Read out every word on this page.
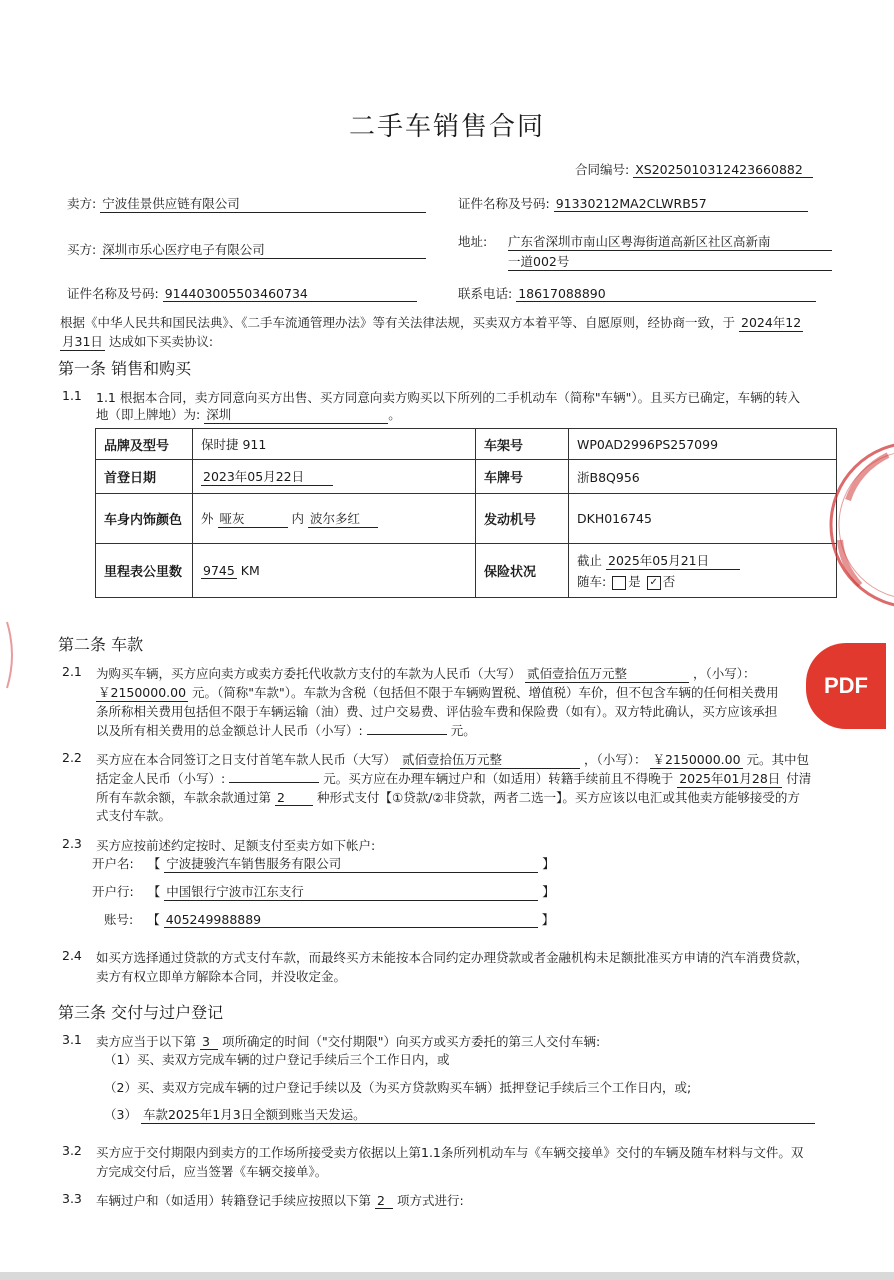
二手车销售合同
合同编号: XS2025010312423660882
卖方: 宁波佳景供应链有限公司	证件名称及号码: 91330212MA2CLWRB57
买方: 深圳市乐心医疗电子有限公司
地址: 广东省深圳市南山区粤海街道高新区社区高新南
一道002号
证件名称及号码: 914403005503460734	联系电话: 18617088890
根据《中华人民共和国民法典》、《二手车流通管理办法》等有关法律法规，买卖双方本着平等、自愿原则，经协商一致，于 2024年12
月31日 达成如下买卖协议:
第一条 销售和购买
1.1 1.1 根据本合同，卖方同意向买方出售、买方同意向卖方购买以下所列的二手机动车（简称"车辆"）。且买方已确定，车辆的转入
地（即上牌地）为: 深圳	。
品牌及型号	保时捷 911	车架号	WP0AD2996PS257099
首登日期	2023年05月22日	车牌号	浙B8Q956
车身内饰颜色	外 哑灰 内 波尔多红	发动机号	DKH016745
里程表公里数	9745 KM	保险状况	截止 2025年05月21日
随车: 是 ✓ 否
第二条 车款
2.1 为购买车辆，买方应向卖方或卖方委托代收款方支付的车款为人民币（大写） 贰佰壹拾伍万元整	，（小写）：
￥2150000.00 元。（简称"车款"）。车款为含税（包括但不限于车辆购置税、增值税）车价，但不包含车辆的任何相关费用
条所称相关费用包括但不限于车辆运输（油）费、过户交易费、评估验车费和保险费（如有）。双方特此确认，买方应该承担
以及所有相关费用的总金额总计人民币（小写）:	元。
2.2 买方应在本合同签订之日支付首笔车款人民币（大写） 贰佰壹拾伍万元整	，（小写）： ￥2150000.00 元。其中包
括定金人民币（小写）:	元。买方应在办理车辆过户和（如适用）转籍手续前且不得晚于 2025年01月28日 付清
所有车款余额，车款余款通过第 2	种形式支付【①贷款/②非贷款，两者二选一】。买方应该以电汇或其他卖方能够接受的方
式支付车款。
2.3 买方应按前述约定按时、足额支付至卖方如下帐户:
开户名: 【 宁波捷骏汽车销售服务有限公司	】
开户行: 【 中国银行宁波市江东支行	】
账号: 【 405249988889	】
2.4 如买方选择通过贷款的方式支付车款，而最终买方未能按本合同约定办理贷款或者金融机构未足额批准买方申请的汽车消费贷款，
卖方有权立即单方解除本合同，并没收定金。
第三条 交付与过户登记
3.1 卖方应当于以下第 3 项所确定的时间（"交付期限"）向买方或买方委托的第三人交付车辆:
（1）买、卖双方完成车辆的过户登记手续后三个工作日内，或
（2）买、卖双方完成车辆的过户登记手续以及（为买方贷款购买车辆）抵押登记手续后三个工作日内，或;
（3） 车款2025年1月3日全额到账当天发运。
3.2 买方应于交付期限内到卖方的工作场所接受卖方依据以上第1.1条所列机动车与《车辆交接单》交付的车辆及随车材料与文件。双
方完成交付后，应当签署《车辆交接单》。
3.3 车辆过户和（如适用）转籍登记手续应按照以下第 2 项方式进行:
PDF
